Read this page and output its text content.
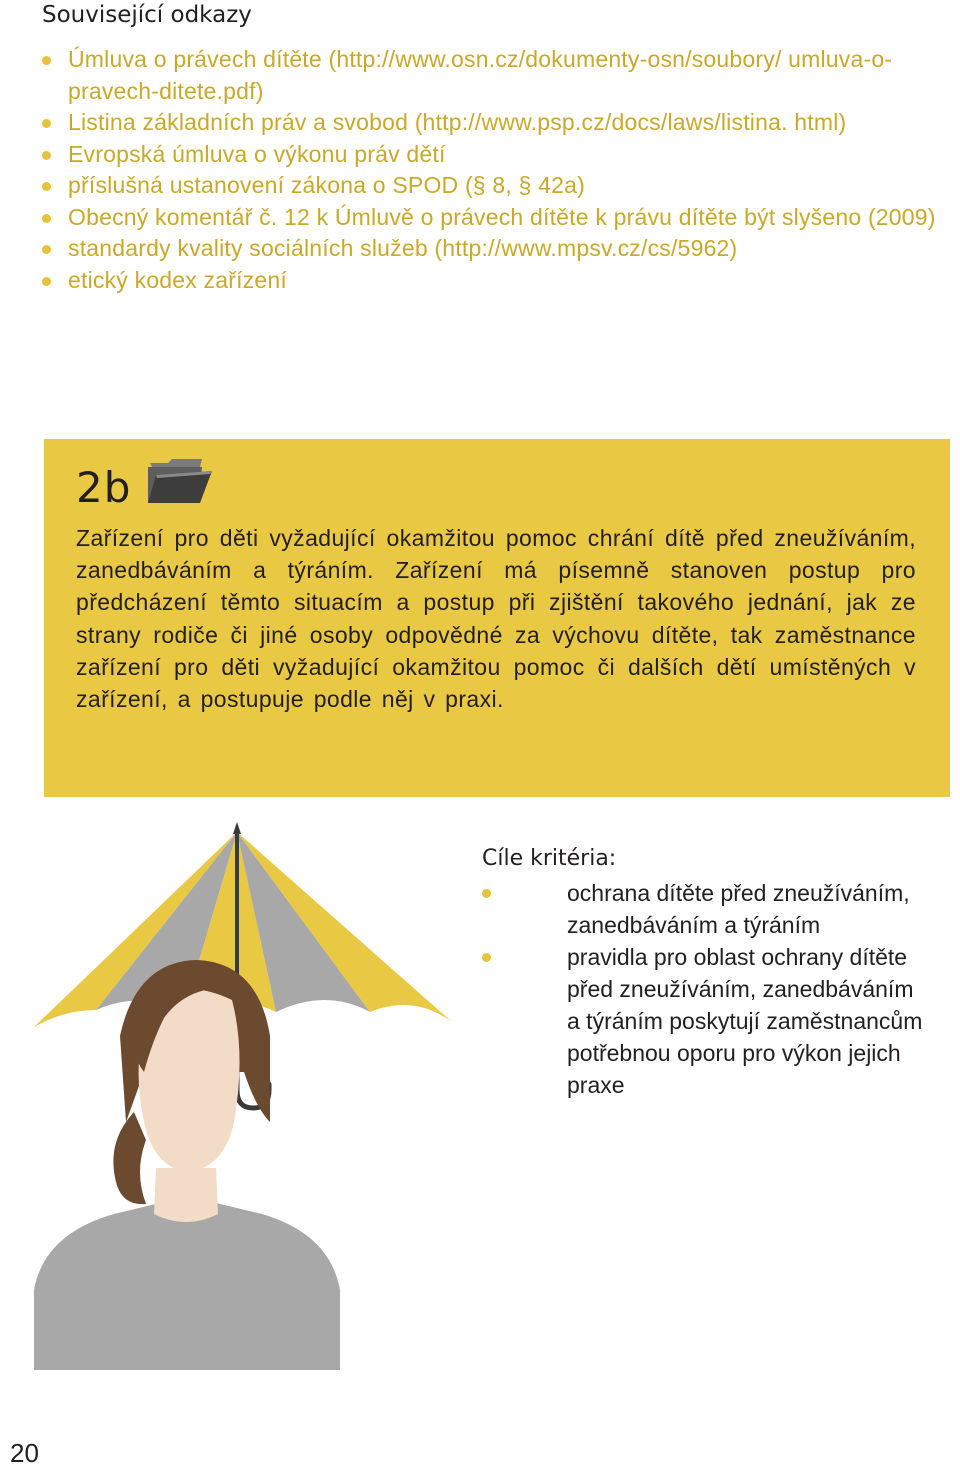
Související odkazy
Úmluva o právech dítěte (http://www.osn.cz/dokumenty-osn/soubory/ umluva-o-pravech-ditete.pdf)
Listina základních práv a svobod (http://www.psp.cz/docs/laws/listina. html)
Evropská úmluva o výkonu práv dětí
příslušná ustanovení zákona o SPOD (§ 8, § 42a)
Obecný komentář č. 12 k Úmluvě o právech dítěte k právu dítěte být slyšeno (2009)
standardy kvality sociálních služeb (http://www.mpsv.cz/cs/5962)
etický kodex zařízení
2b
Zařízení pro děti vyžadující okamžitou pomoc chrání dítě před zneužíváním, zanedbáváním a týráním. Zařízení má písemně stanoven postup pro předcházení těmto situacím a postup při zjištění takového jednání, jak ze strany rodiče či jiné osoby odpovědné za výchovu dítěte, tak zaměstnance zařízení pro děti vyžadující okamžitou pomoc či dalších dětí umístěných v zařízení, a postupuje podle něj v praxi.
Cíle kritéria:
ochrana dítěte před zneužíváním, zanedbáváním a týráním
pravidla pro oblast ochrany dítěte před zneužíváním, zanedbáváním a týráním poskytují zaměstnancům potřebnou oporu pro výkon jejich praxe
20
